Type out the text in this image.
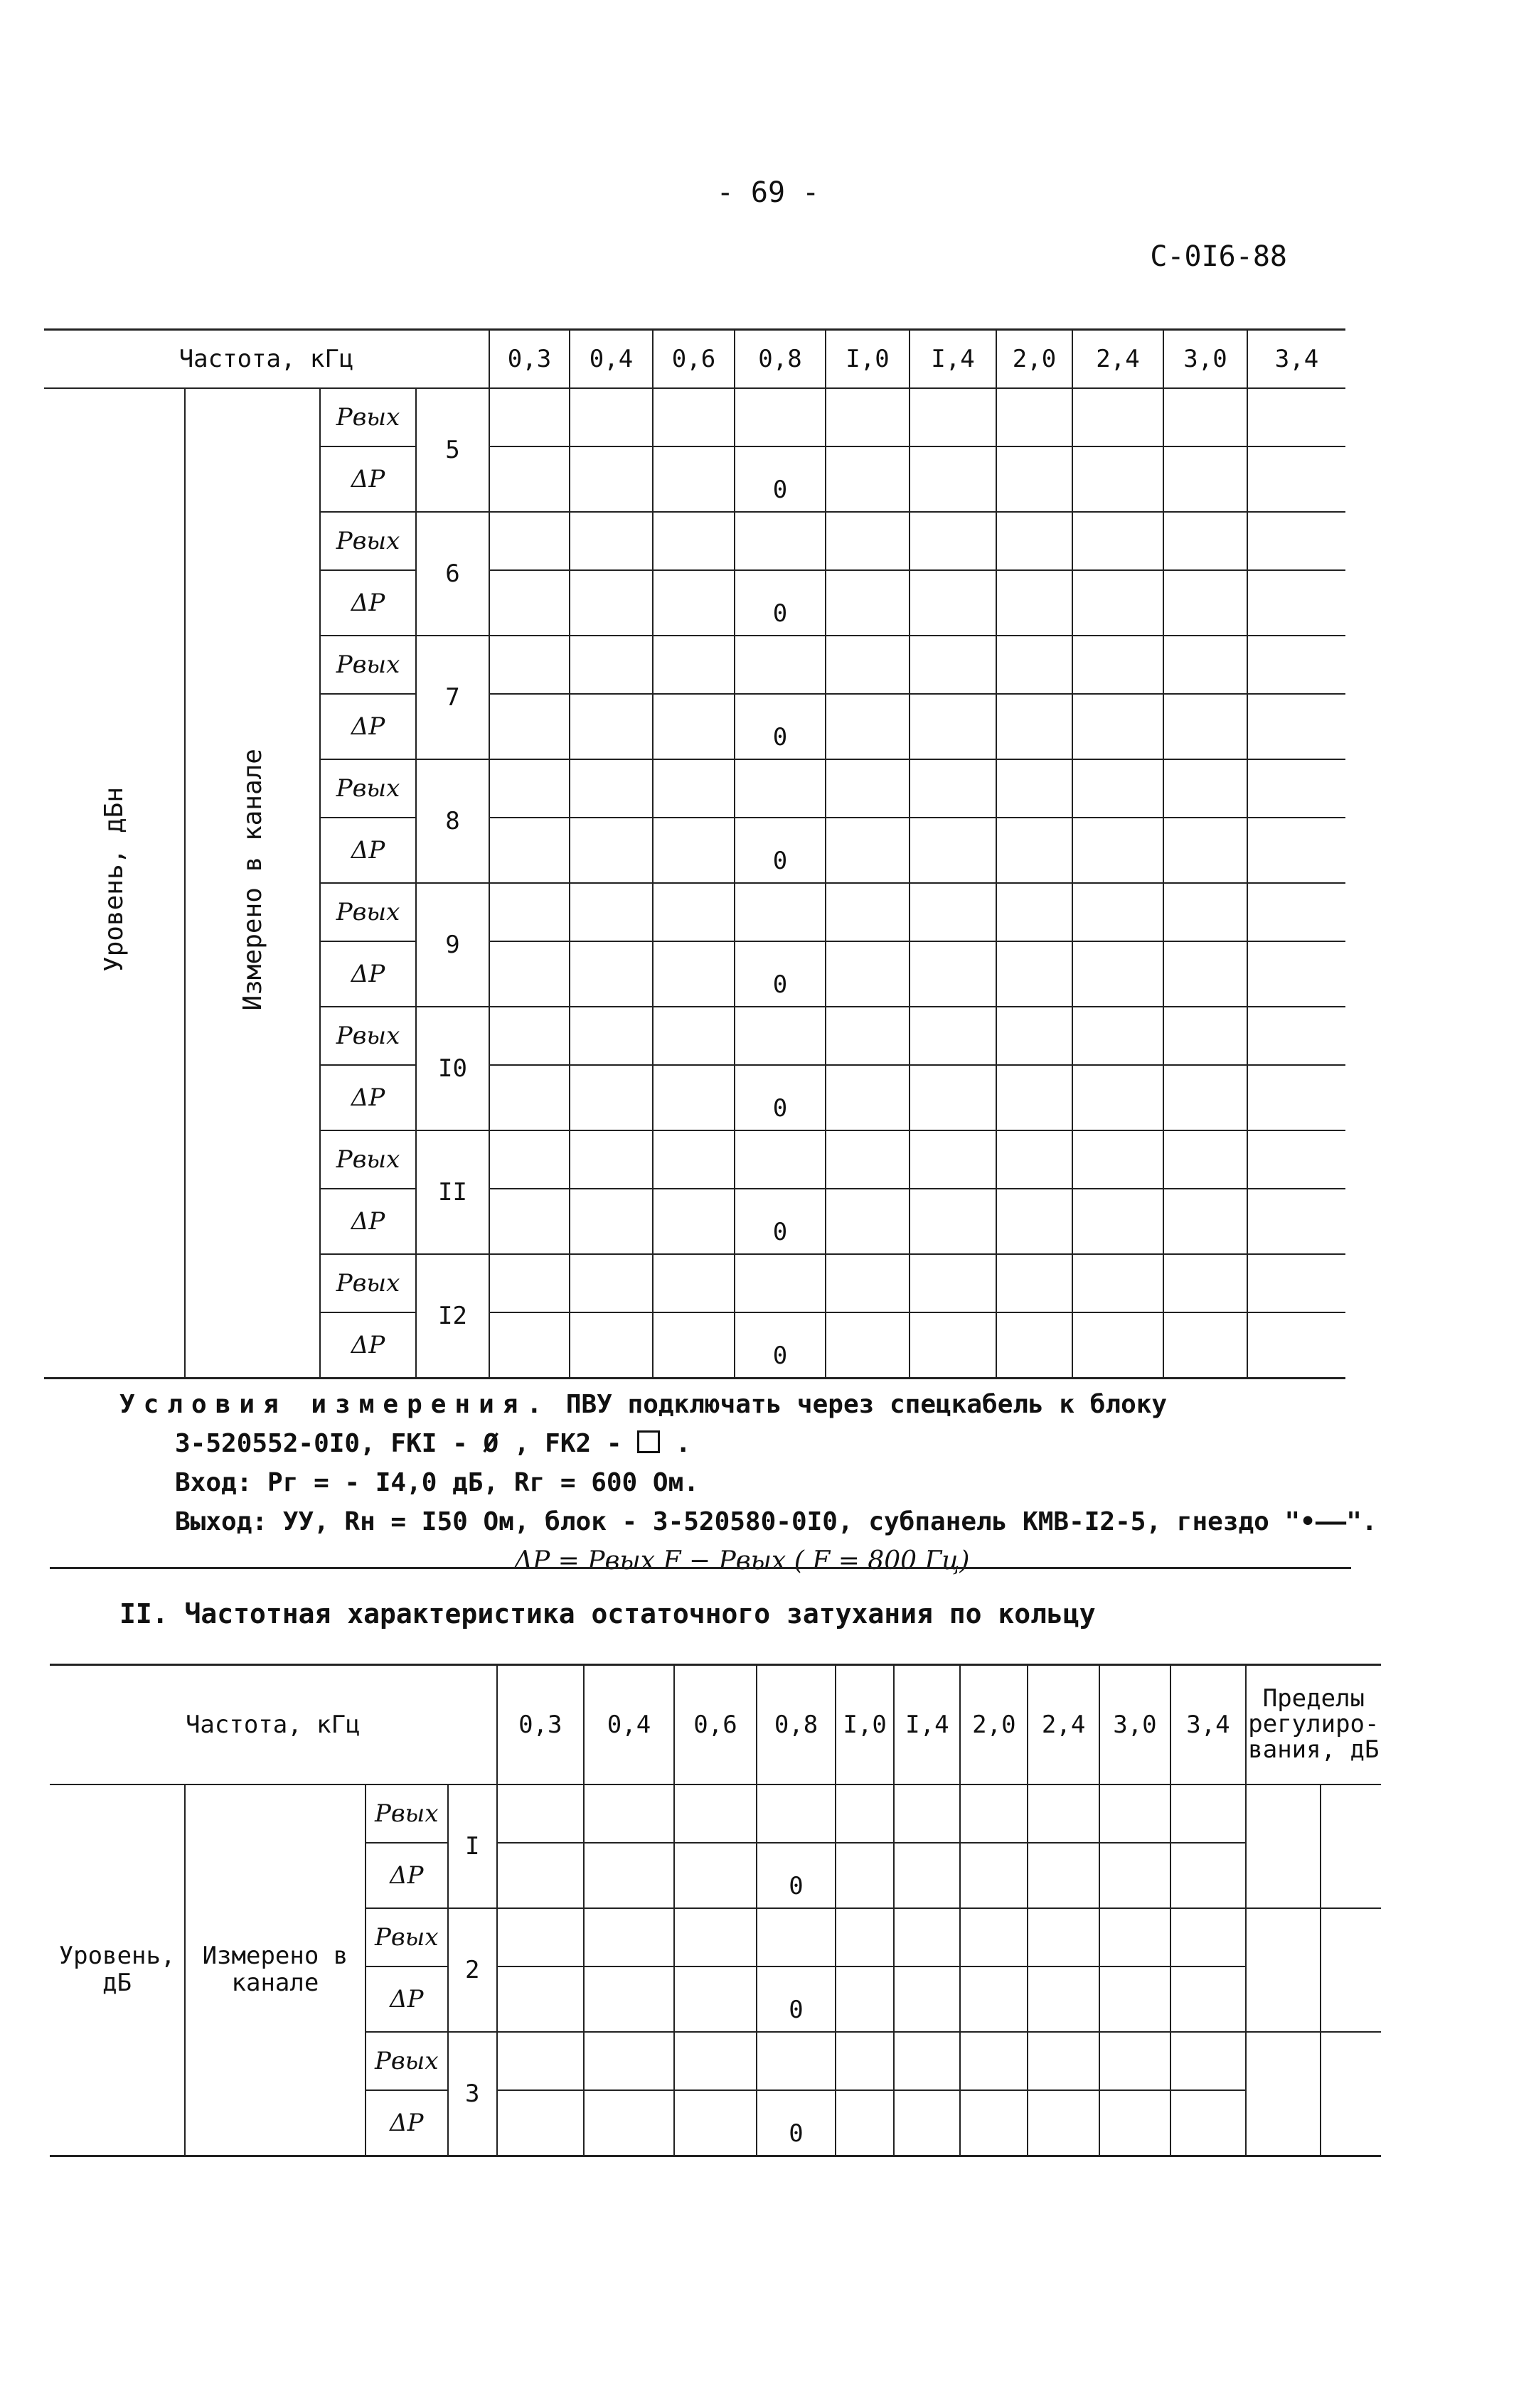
- 69 -
C-0I6-88
Частота, кГц				0,3	0,4	0,6	0,8	I,0	I,4	2,0	2,4	3,0	3,4
Уровень, дБн	Измерено в канале	Pвых	5										
		ΔP					0						
		Pвых	6										
		ΔP					0						
		Pвых	7										
		ΔP					0						
		Pвых	8										
		ΔP					0						
		Pвых	9										
		ΔP					0						
		Pвых	I0										
		ΔP					0						
		Pвых	II										
		ΔP					0						
		Pвых	I2										
		ΔP					0						
Условия измерения. ПВУ подключать через спецкабель к блоку
3-520552-0I0, FKI - Ø , FK2 -  .
Вход: Pг = - I4,0 дБ, Rг = 600 Ом.
Выход: УУ, Rн = I50 Ом, блок - 3-520580-0I0, субпанель КМВ-I2-5, гнездо "•——".
ΔP = Pвых F − Pвых ( F = 800 Гц)
II. Частотная характеристика остаточного затухания по кольцу
Частота, кГц				0,3	0,4	0,6	0,8	I,0	I,4	2,0	2,4	3,0	3,4	Пределы регулиро- вания, дБ	
Уровень, дБ	Измерено в канале	Pвых	I												
		ΔP					0								
		Pвых	2												
		ΔP					0								
		Pвых	3												
		ΔP					0								
